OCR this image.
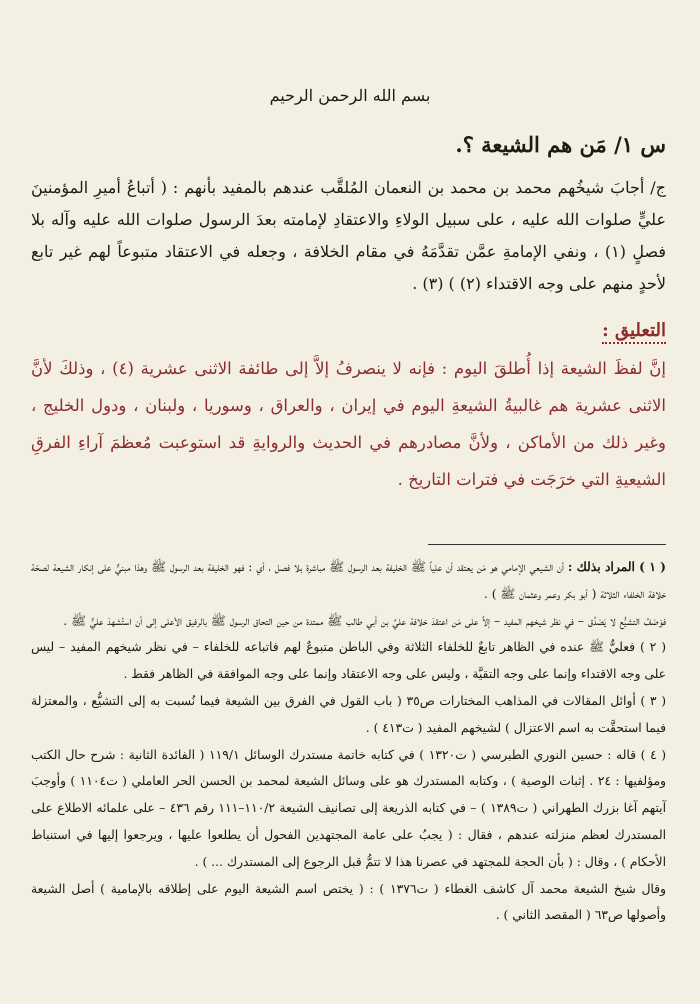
بسم الله الرحمن الرحيم
س ١/ مَن هم الشيعة ؟.

ج/ أجابَ شيخُهم محمد بن محمد بن النعمان المُلقَّب عندهم بالمفيد بأنهم : ( أتباعُ أميرِ المؤمنينَ عليٍّ صلوات الله عليه ، على سبيل الولاءِ والاعتقادِ لإمامته بعدَ الرسول صلوات الله عليه وآله بلا فصلٍ (١) ، ونفي الإمامةِ عمَّن تقدَّمَهُ في مقام الخلافة ، وجعله في الاعتقاد متبوعاً لهم غير تابع لأحدٍ منهم على وجه الاقتداء (٢) ) (٣) .

التعليق :

إنَّ لفظَ الشيعة إذا أُطلقَ اليوم : فإنه لا ينصرفُ إلاَّ إلى طائفة الاثنى عشرية (٤) ، وذلكَ لأنَّ الاثنى عشرية هم غالبيةُ الشيعةِ اليوم في إيران ، والعراق ، وسوريا ، ولبنان ، ودول الخليج ، وغير ذلك من الأماكن ، ولأنَّ مصادرهم في الحديث والروايةِ قد استوعبت مُعظمَ آراءِ الفرقِ الشيعيةِ التي خرَجَت في فترات التاريخ .

( ١ ) المراد بذلك : أن الشيعي الإمامي هو مَن يعتقد أن علياً ﷺ الخليفة بعد الرسول ﷺ مباشرة بلا فصل ، أي : فهو الخليفة بعد الرسول ﷺ وهذا مبنيٌّ على إنكار الشيعة لصحّة خلافة الخلفاء الثلاثة ( أبو بكر وعمر وعثمان ﷺ ) .

فوَصْفُ التشيُّع لا يَصْدُق – في نظر شيخهم المفيد – إلاَّ على مَن اعتقدَ خلافة عليِّ بن أبي طالب ﷺ ممتدة من حين التحاق الرسول ﷺ بالرفيق الأعلى إلى أن استُشهدَ عليٌّ ﷺ .

( ٢ ) فعليٌّ ﷺ عنده في الظاهر تابعٌ للخلفاء الثلاثة وفي الباطن متبوعٌ لهم فاتباعه للخلفاء – في نظر شيخهم المفيد – ليس على وجه الاقتداء وإنما على وجه التقيَّة ، وليس على وجه الاعتقاد وإنما على وجه الموافقة في الظاهر فقط .

( ٣ ) أوائل المقالات في المذاهب المختارات ص٣٥ ( باب القول في الفرق بين الشيعة فيما نُسبت به إلى التشيُّع ، والمعتزلة فيما استحقَّت به اسم الاعتزال ) لشيخهم المفيد ( ت٤١٣ ) .

( ٤ ) قاله : حسين النوري الطبرسي ( ت١٣٢٠ ) في كتابه خاتمة مستدرك الوسائل ١١٩/١ ( الفائدة الثانية : شرح حال الكتب ومؤلفيها : ٢٤ . إثبات الوصية ) ، وكتابه المستدرك هو على وسائل الشيعة لمحمد بن الحسن الحر العاملي ( ت١١٠٤ ) وأوجبَ آيتهم آغا بزرك الطهراني ( ت١٣٨٩ ) – في كتابه الذريعة إلى تصانيف الشيعة ١١٠/٢–١١١ رقم ٤٣٦ – على علمائه الاطلاع على المستدرك لعظم منزلته عندهم ، فقال : ( يجبُ على عامة المجتهدين الفحول أن يطلعوا عليها ، ويرجعوا إليها في استنباط الأحكام ) ، وقال : ( بأن الحجة للمجتهد في عصرنا هذا لا تتمُّ قبل الرجوع إلى المستدرك ... ) .

وقال شيخ الشيعة محمد آل كاشف الغطاء ( ت١٣٧٦ ) : ( يختص اسم الشيعة اليوم على إطلاقه بالإمامية ) أصل الشيعة وأصولها ص٦٣ ( المقصد الثاني ) .
